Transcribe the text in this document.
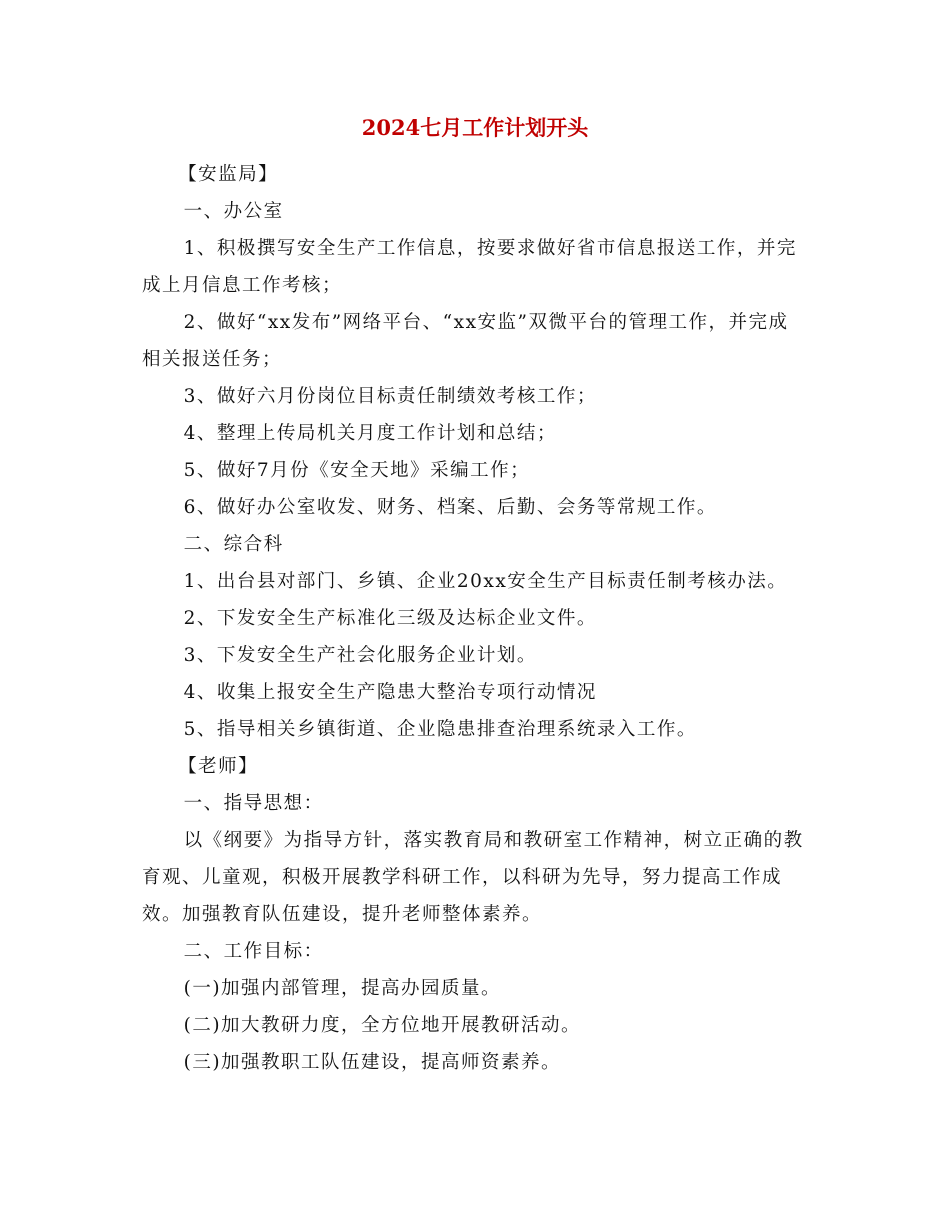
2024七月工作计划开头

【安监局】

一、办公室

1、积极撰写安全生产工作信息，按要求做好省市信息报送工作，并完成上月信息工作考核；

2、做好“xx发布”网络平台、“xx安监”双微平台的管理工作，并完成相关报送任务；

3、做好六月份岗位目标责任制绩效考核工作；

4、整理上传局机关月度工作计划和总结；

5、做好7月份《安全天地》采编工作；

6、做好办公室收发、财务、档案、后勤、会务等常规工作。

二、综合科

1、出台县对部门、乡镇、企业20xx安全生产目标责任制考核办法。

2、下发安全生产标准化三级及达标企业文件。

3、下发安全生产社会化服务企业计划。

4、收集上报安全生产隐患大整治专项行动情况

5、指导相关乡镇街道、企业隐患排查治理系统录入工作。

【老师】

一、指导思想：

以《纲要》为指导方针，落实教育局和教研室工作精神，树立正确的教育观、儿童观，积极开展教学科研工作，以科研为先导，努力提高工作成效。加强教育队伍建设，提升老师整体素养。

二、工作目标：

(一)加强内部管理，提高办园质量。

(二)加大教研力度，全方位地开展教研活动。

(三)加强教职工队伍建设，提高师资素养。
